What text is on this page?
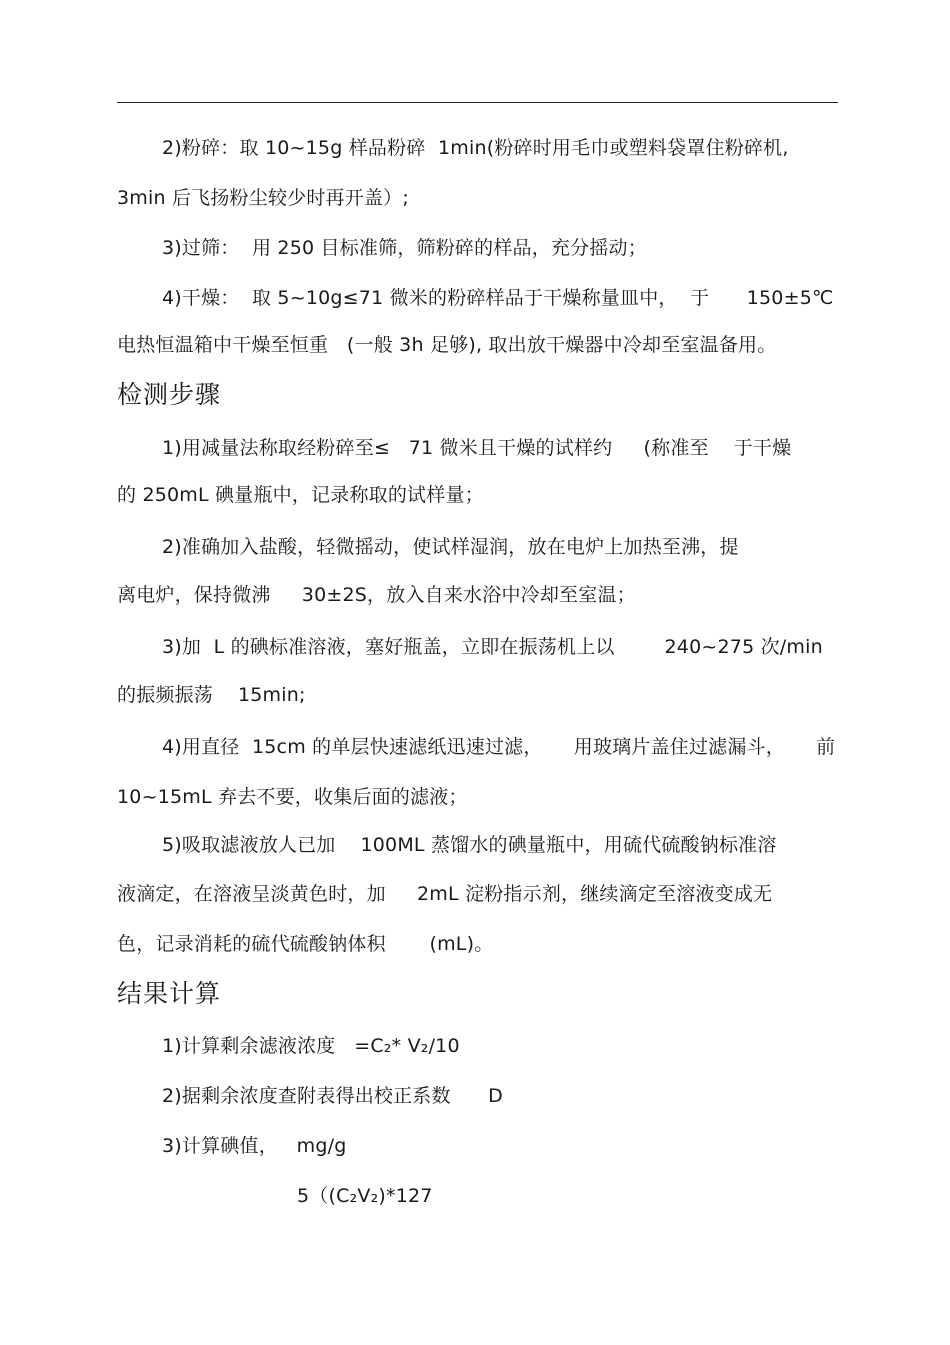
2)粉碎：取 10~15g 样品粉碎  1min(粉碎时用毛巾或塑料袋罩住粉碎机,
3min 后飞扬粉尘较少时再开盖）;
3)过筛：  用 250 目标准筛，筛粉碎的样品，充分摇动；
4)干燥：  取 5~10g≤71 微米的粉碎样品于干燥称量皿中，  于      150±5℃
电热恒温箱中干燥至恒重   (一般 3h 足够), 取出放干燥器中冷却至室温备用。
检测步骤
1)用减量法称取经粉碎至≤   71 微米且干燥的试样约     (称准至    于干燥
的 250mL 碘量瓶中，记录称取的试样量；
2)准确加入盐酸，轻微摇动，使试样湿润，放在电炉上加热至沸，提
离电炉，保持微沸     30±2S，放入自来水浴中冷却至室温；
3)加  L 的碘标准溶液，塞好瓶盖，立即在振荡机上以        240~275 次/min
的振频振荡    15min;
4)用直径  15cm 的单层快速滤纸迅速过滤，     用玻璃片盖住过滤漏斗，     前
10~15mL 弃去不要，收集后面的滤液；
5)吸取滤液放人已加    100ML 蒸馏水的碘量瓶中，用硫代硫酸钠标准溶
液滴定，在溶液呈淡黄色时，加     2mL 淀粉指示剂，继续滴定至溶液变成无
色，记录消耗的硫代硫酸钠体积       (mL)。
结果计算
1)计算剩余滤液浓度   =C₂* V₂/10
2)据剩余浓度查附表得出校正系数      D
3)计算碘值，   mg/g
5（(C₂V₂)*127
